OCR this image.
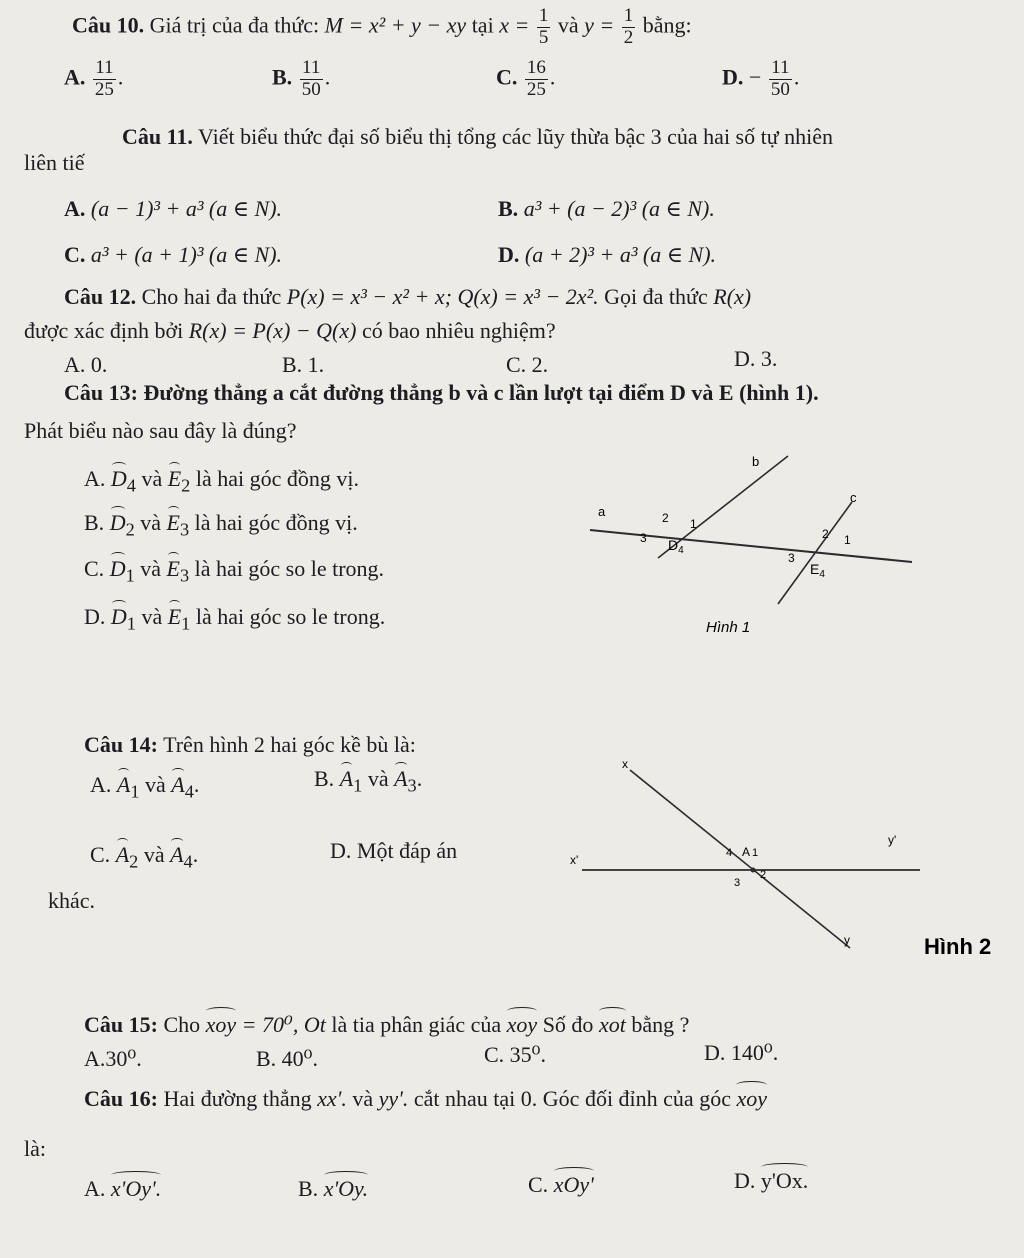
Câu 10. Giá trị của đa thức: M = x² + y − xy tại $x = \frac{1}{5}$ và $y = \frac{1}{2}$ bằng:
A. $\frac{11}{25}$ .	B. $\frac{11}{50}$ .	C. $\frac{16}{25}$ .	D. − $\frac{11}{50}$ .
Câu 11. Viết biểu thức đại số biểu thị tổng các lũy thừa bậc 3 của hai số tự nhiên
liên tiế
A. (a − 1)³ + a³ (a ∈ N).	B. a³ + (a − 2)³ (a ∈ N).
C. a³ + (a + 1)³ (a ∈ N).	D. (a + 2)³ + a³ (a ∈ N).
Câu 12. Cho hai đa thức P(x) = x³ − x² + x; Q(x) = x³ − 2x². Gọi đa thức R(x)
được xác định bởi R(x) = P(x) − Q(x) có bao nhiêu nghiệm?
A. 0.	B. 1.	C. 2.	D. 3.
Câu 13: Đường thẳng a cắt đường thẳng b và c lần lượt tại điểm D và E (hình 1).
Phát biểu nào sau đây là đúng?
A. $D_4$ và $E_2$ là hai góc đồng vị.
B. $D_2$ và $E_3$ là hai góc đồng vị.
C. $D_1$ và $E_3$ là hai góc so le trong.
D. $D_1$ và $E_1$ là hai góc so le trong.
b
c
a	2 1
3 $D_4$
2 1
3
$E_4$
Hình 1
Câu 14: Trên hình 2 hai góc kề bù là:
A. $A_1$ và $A_4$.	B. $A_1$ và $A_3$.
C. $A_2$ và $A_4$.	D. Một đáp án
khác.
x
x'
y'
y
4 A 1
3
2
Hình 2
Câu 15: Cho xoy = 70⁰, Ot là tia phân giác của xoy Số đo xot bằng ?
A.30⁰.	B. 40⁰.	C. 35⁰.	D. 140⁰.
Câu 16: Hai đường thẳng xx'. và yy'. cắt nhau tại 0. Góc đối đỉnh của góc xoy
là:
A. x'Oy'.	B. x'Oy.	C. xOy'	D. y'Ox.
